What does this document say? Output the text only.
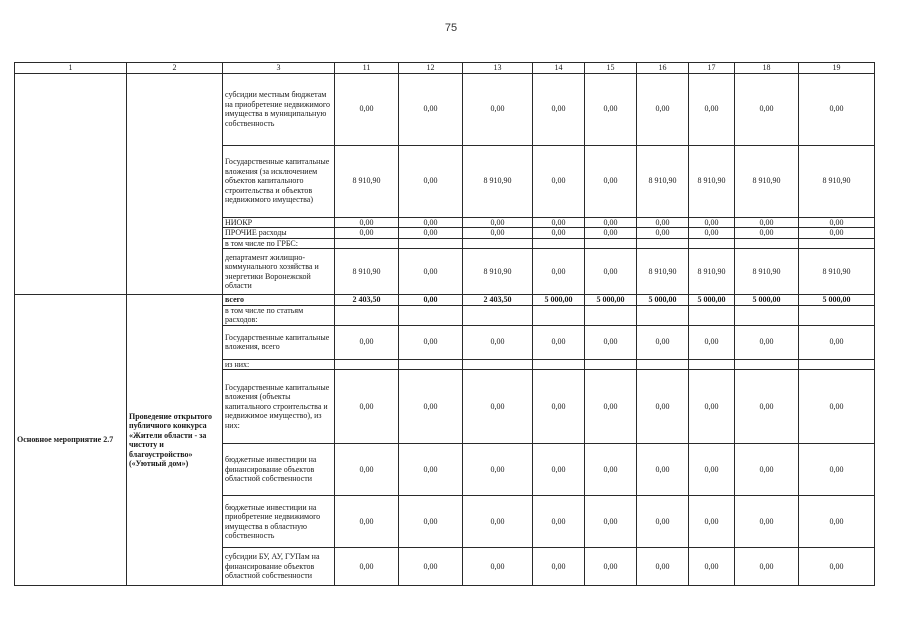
75
1	2	3	11	12	13	14	15	16	17	18	19
		субсидии местным бюджетам на приобретение недвижимого имущества в муниципальную собственность	0,00	0,00	0,00	0,00	0,00	0,00	0,00	0,00	0,00
		Государственные капитальные вложения (за исключением объектов капитального строительства и объектов недвижимого имущества)	8 910,90	0,00	8 910,90	0,00	0,00	8 910,90	8 910,90	8 910,90	8 910,90
		НИОКР	0,00	0,00	0,00	0,00	0,00	0,00	0,00	0,00	0,00
		ПРОЧИЕ расходы	0,00	0,00	0,00	0,00	0,00	0,00	0,00	0,00	0,00
		в том числе по ГРБС:									
		департамент жилищно-коммунального хозяйства и энергетики Воронежской области	8 910,90	0,00	8 910,90	0,00	0,00	8 910,90	8 910,90	8 910,90	8 910,90
Основное мероприятие 2.7	Проведение открытого публичного конкурса «Жители области - за чистоту и благоустройство» («Уютный дом»)	всего	2 403,50	0,00	2 403,50	5 000,00	5 000,00	5 000,00	5 000,00	5 000,00	5 000,00
		в том числе по статьям расходов:									
		Государственные капитальные вложения, всего	0,00	0,00	0,00	0,00	0,00	0,00	0,00	0,00	0,00
		из них:									
		Государственные капитальные вложения (объекты капитального строительства и недвижимое имущество), из них:	0,00	0,00	0,00	0,00	0,00	0,00	0,00	0,00	0,00
		бюджетные инвестиции на финансирование объектов областной собственности	0,00	0,00	0,00	0,00	0,00	0,00	0,00	0,00	0,00
		бюджетные инвестиции на приобретение недвижимого имущества в областную собственность	0,00	0,00	0,00	0,00	0,00	0,00	0,00	0,00	0,00
		субсидии БУ, АУ, ГУПам на финансирование объектов областной собственности	0,00	0,00	0,00	0,00	0,00	0,00	0,00	0,00	0,00
